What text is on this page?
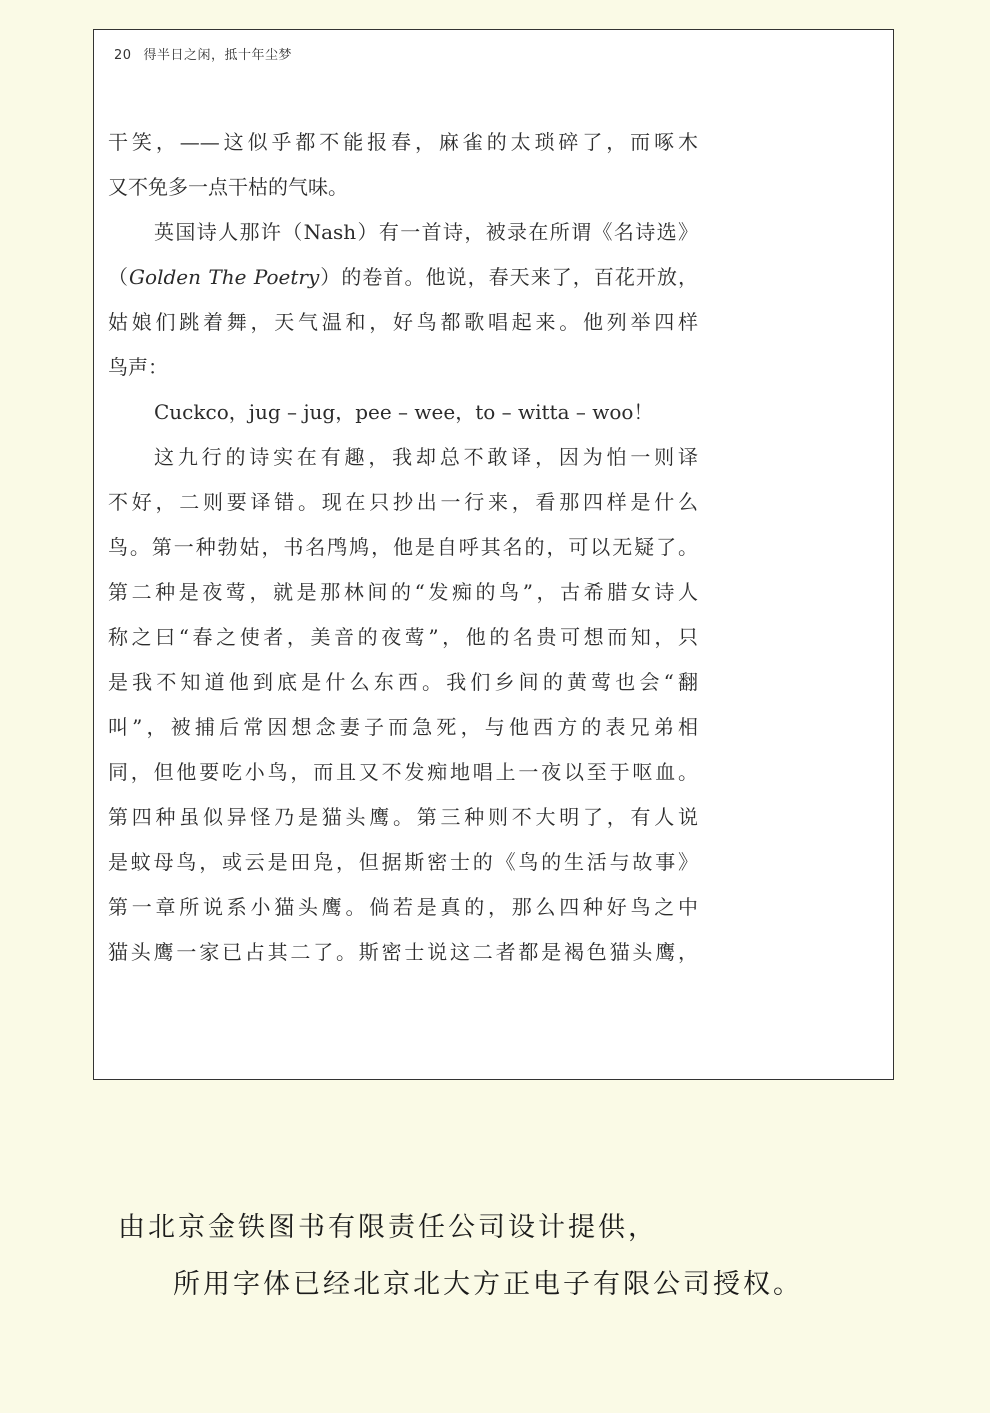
20 得半日之闲，抵十年尘梦
干笑，——这似乎都不能报春，麻雀的太琐碎了，而啄木
又不免多一点干枯的气味。
英国诗人那许（Nash）有一首诗，被录在所谓《名诗选》
（Golden The Poetry）的卷首。他说，春天来了，百花开放，
姑娘们跳着舞，天气温和，好鸟都歌唱起来。他列举四样
鸟声：
Cuckco，jug – jug，pee – wee，to – witta – woo！
这九行的诗实在有趣，我却总不敢译，因为怕一则译
不好，二则要译错。现在只抄出一行来，看那四样是什么
鸟。第一种勃姑，书名鸤鸠，他是自呼其名的，可以无疑了。
第二种是夜莺，就是那林间的“发痴的鸟”，古希腊女诗人
称之曰“春之使者，美音的夜莺”，他的名贵可想而知，只
是我不知道他到底是什么东西。我们乡间的黄莺也会“翻
叫”，被捕后常因想念妻子而急死，与他西方的表兄弟相
同，但他要吃小鸟，而且又不发痴地唱上一夜以至于呕血。
第四种虽似异怪乃是猫头鹰。第三种则不大明了，有人说
是蚊母鸟，或云是田凫，但据斯密士的《鸟的生活与故事》
第一章所说系小猫头鹰。倘若是真的，那么四种好鸟之中
猫头鹰一家已占其二了。斯密士说这二者都是褐色猫头鹰，
由北京金铁图书有限责任公司设计提供，
所用字体已经北京北大方正电子有限公司授权。
